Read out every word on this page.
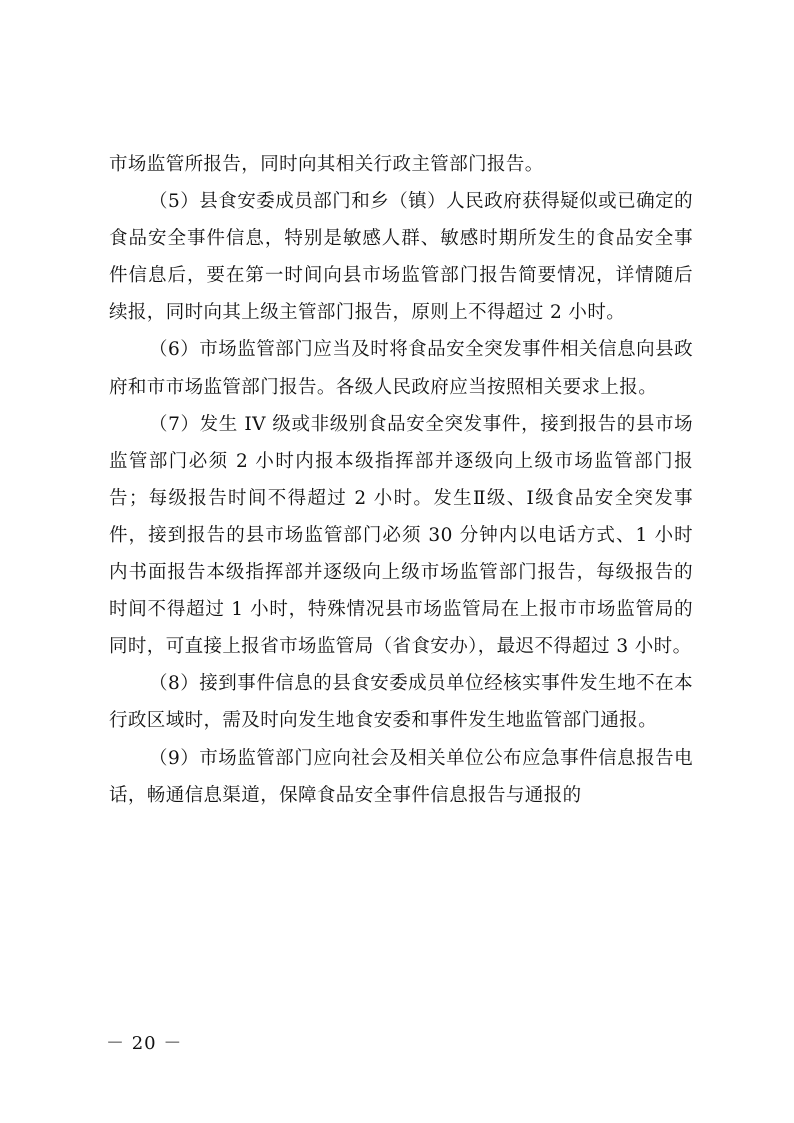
市场监管所报告，同时向其相关行政主管部门报告。

（5）县食安委成员部门和乡（镇）人民政府获得疑似或已确定的食品安全事件信息，特别是敏感人群、敏感时期所发生的食品安全事件信息后，要在第一时间向县市场监管部门报告简要情况，详情随后续报，同时向其上级主管部门报告，原则上不得超过 2 小时。

（6）市场监管部门应当及时将食品安全突发事件相关信息向县政府和市市场监管部门报告。各级人民政府应当按照相关要求上报。

（7）发生 IV 级或非级别食品安全突发事件，接到报告的县市场监管部门必须 2 小时内报本级指挥部并逐级向上级市场监管部门报告；每级报告时间不得超过 2 小时。发生Ⅱ级、Ⅰ级食品安全突发事件，接到报告的县市场监管部门必须 30 分钟内以电话方式、1 小时内书面报告本级指挥部并逐级向上级市场监管部门报告，每级报告的时间不得超过 1 小时，特殊情况县市场监管局在上报市市场监管局的同时，可直接上报省市场监管局（省食安办），最迟不得超过 3 小时。

（8）接到事件信息的县食安委成员单位经核实事件发生地不在本行政区域时，需及时向发生地食安委和事件发生地监管部门通报。

（9）市场监管部门应向社会及相关单位公布应急事件信息报告电话，畅通信息渠道，保障食品安全事件信息报告与通报的

－ 20 －
